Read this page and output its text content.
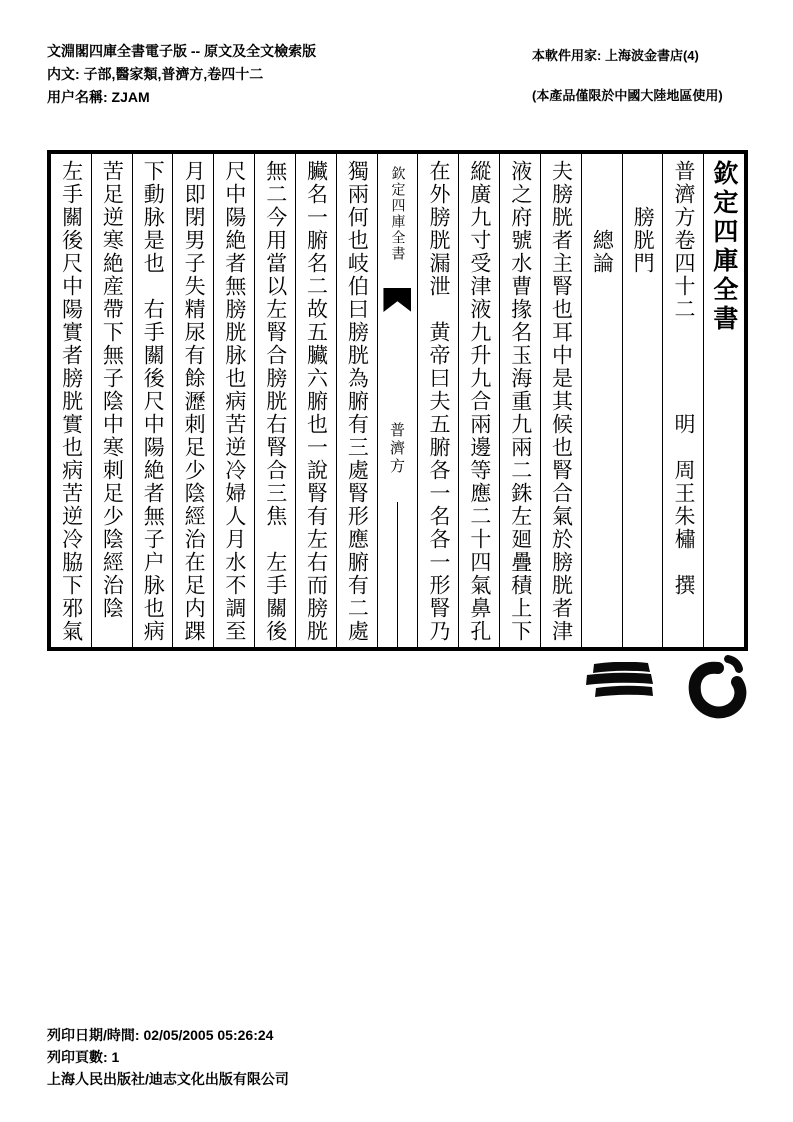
文淵閣四庫全書電子版 -- 原文及全文檢索版
内文: 子部,醫家類,普濟方,卷四十二
用户名稱: ZJAM
本軟件用家: 上海波金書店(4)
(本產品僅限於中國大陸地區使用)
欽定四庫全書
普濟方卷四十二　　　　明　周王朱橚　撰
　　膀胱門
　　　總論
夫膀胱者主腎也耳中是其候也腎合氣於膀胱者津
液之府號水曹掾名玉海重九兩二銖左廻疊積上下
縱廣九寸受津液九升九合兩邊等應二十四氣鼻孔
在外膀胱漏泄　黄帝曰夫五腑各一名各一形腎乃
欽定四庫全書
普濟方
獨兩何也岐伯曰膀胱為腑有三處腎形應腑有二處
臟名一腑名二故五臟六腑也一說腎有左右而膀胱
無二今用當以左腎合膀胱右腎合三焦　左手關後
尺中陽絶者無膀胱脉也病苦逆冷婦人月水不調至
月即閉男子失精尿有餘瀝刺足少陰經治在足内踝
下動脉是也　右手關後尺中陽絶者無子户脉也病
苦足逆寒絶産帶下無子陰中寒刺足少陰經治陰
左手關後尺中陽實者膀胱實也病苦逆冷脇下邪氣
列印日期/時間: 02/05/2005 05:26:24
列印頁數: 1
上海人民出版社/迪志文化出版有限公司
